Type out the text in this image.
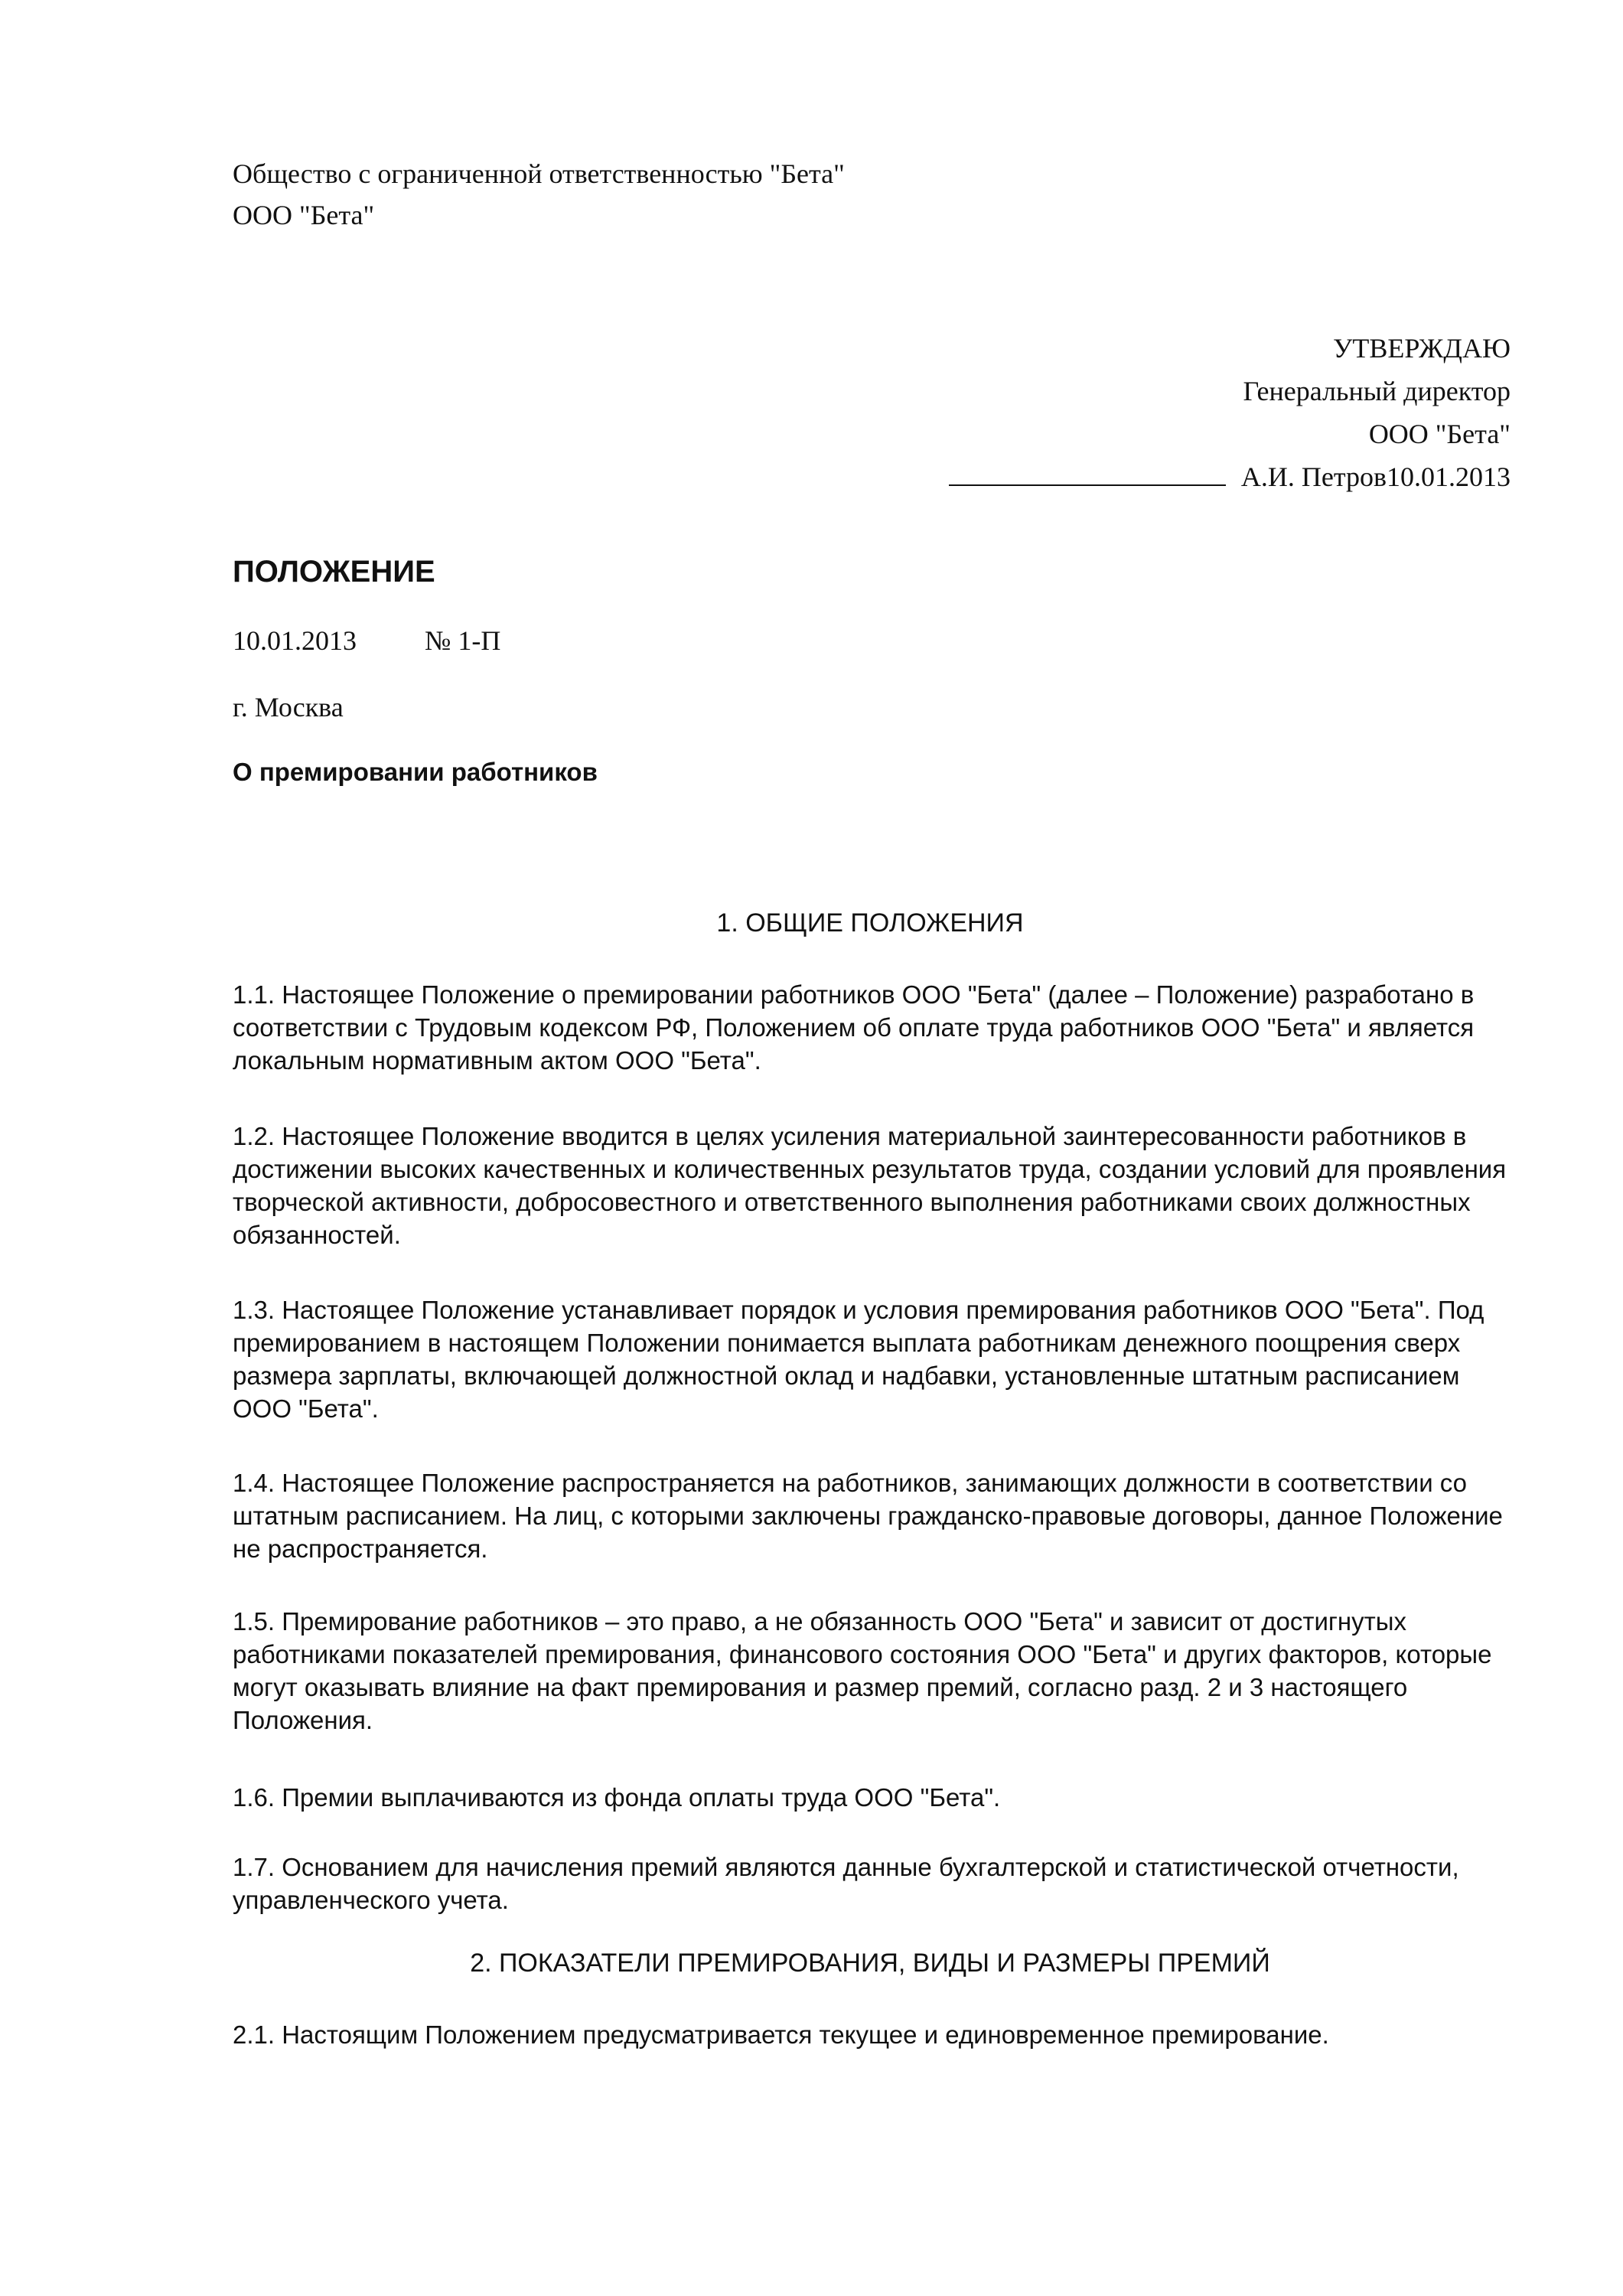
Общество с ограниченной ответственностью "Бета"
ООО "Бета"
УТВЕРЖДАЮ
Генеральный директор
ООО "Бета"
А.И. Петров10.01.2013
ПОЛОЖЕНИЕ
10.01.2013 № 1-П
г. Москва
О премировании работников
1. ОБЩИЕ ПОЛОЖЕНИЯ

1.1. Настоящее Положение о премировании работников ООО "Бета" (далее – Положение) разработано в соответствии с Трудовым кодексом РФ, Положением об оплате труда работников ООО "Бета" и является локальным нормативным актом ООО "Бета".

1.2. Настоящее Положение вводится в целях усиления материальной заинтересованности работников в достижении высоких качественных и количественных результатов труда, создании условий для проявления творческой активности, добросовестного и ответственного выполнения работниками своих должностных обязанностей.

1.3. Настоящее Положение устанавливает порядок и условия премирования работников ООО "Бета". Под премированием в настоящем Положении понимается выплата работникам денежного поощрения сверх размера зарплаты, включающей должностной оклад и надбавки, установленные штатным расписанием ООО "Бета".

1.4. Настоящее Положение распространяется на работников, занимающих должности в соответствии со штатным расписанием. На лиц, с которыми заключены гражданско-правовые договоры, данное Положение не распространяется.

1.5. Премирование работников – это право, а не обязанность ООО "Бета" и зависит от достигнутых работниками показателей премирования, финансового состояния ООО "Бета" и других факторов, которые могут оказывать влияние на факт премирования и размер премий, согласно разд. 2 и 3 настоящего Положения.

1.6. Премии выплачиваются из фонда оплаты труда ООО "Бета".

1.7. Основанием для начисления премий являются данные бухгалтерской и статистической отчетности, управленческого учета.

2. ПОКАЗАТЕЛИ ПРЕМИРОВАНИЯ, ВИДЫ И РАЗМЕРЫ ПРЕМИЙ

2.1. Настоящим Положением предусматривается текущее и единовременное премирование.
